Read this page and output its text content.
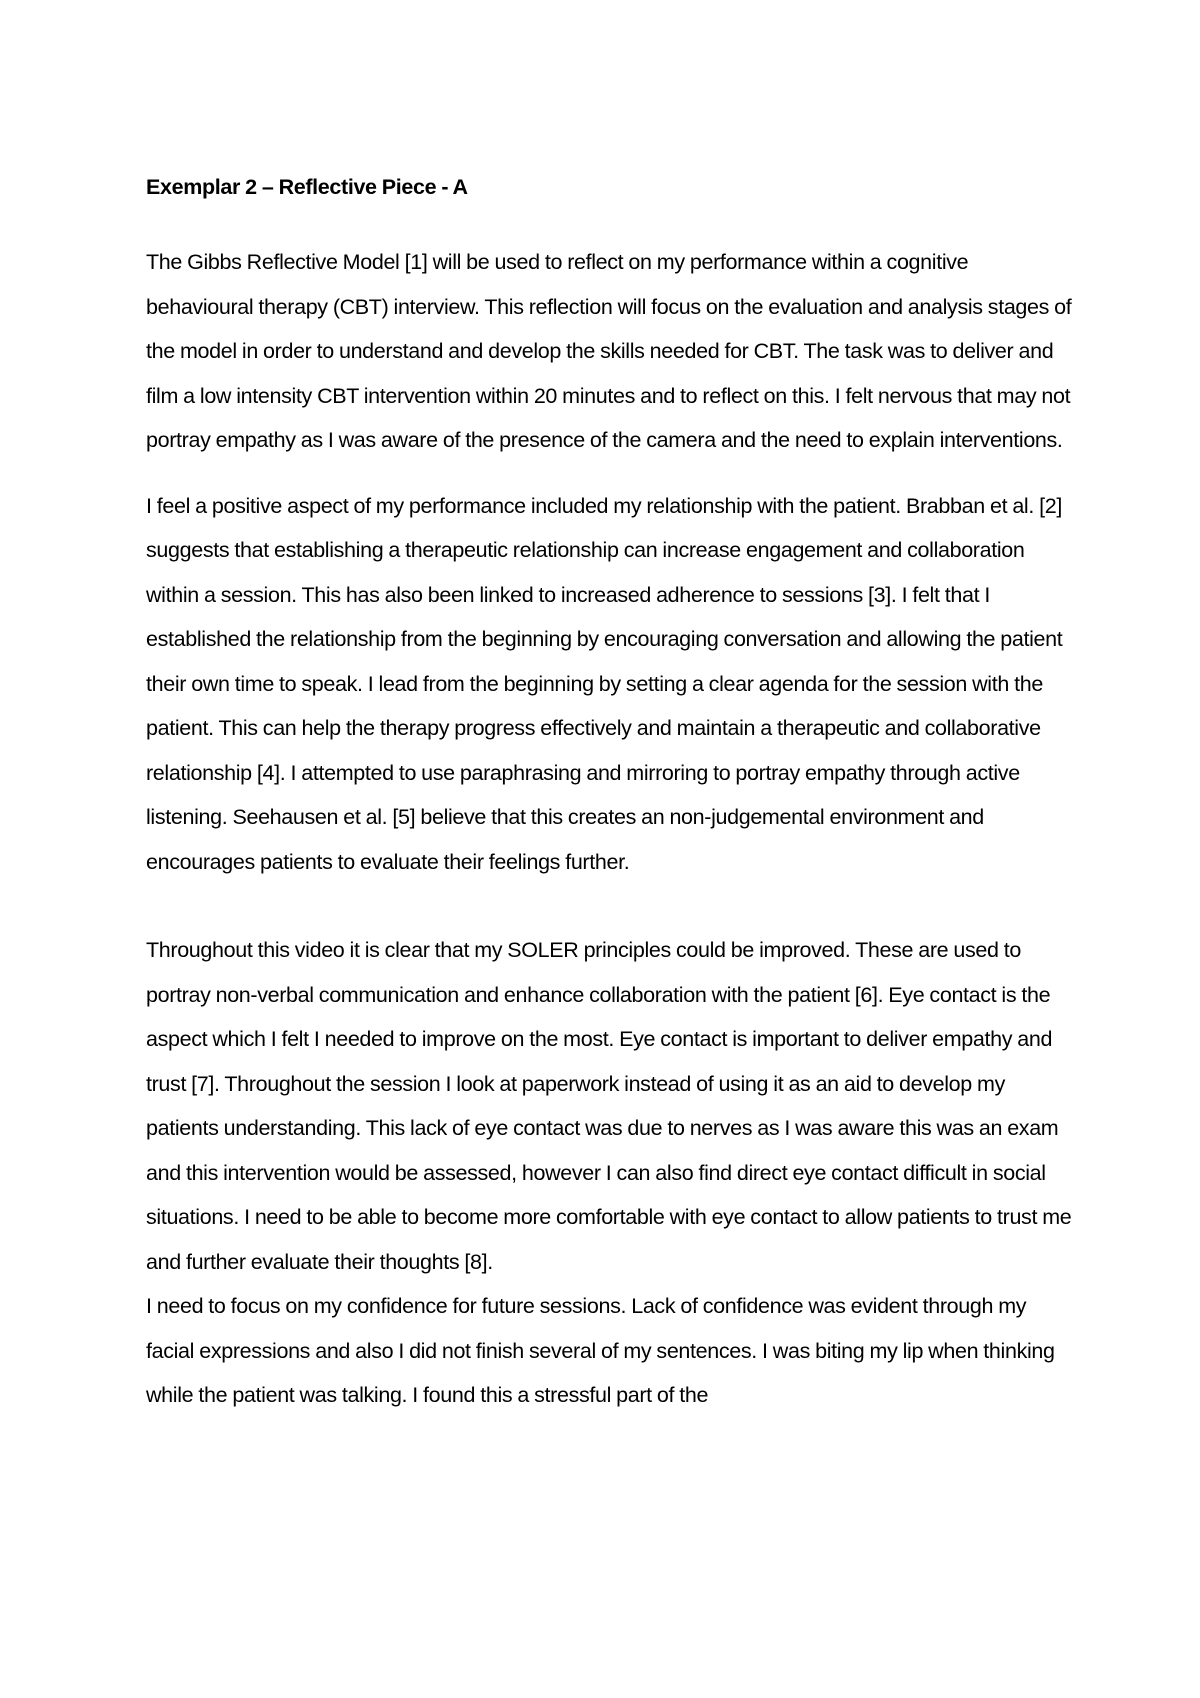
Exemplar 2 – Reflective Piece - A

The Gibbs Reflective Model [1] will be used to reflect on my performance within a cognitive behavioural therapy (CBT) interview. This reflection will focus on the evaluation and analysis stages of the model in order to understand and develop the skills needed for CBT. The task was to deliver and film a low intensity CBT intervention within 20 minutes and to reflect on this. I felt nervous that may not portray empathy as I was aware of the presence of the camera and the need to explain interventions.

I feel a positive aspect of my performance included my relationship with the patient. Brabban et al. [2] suggests that establishing a therapeutic relationship can increase engagement and collaboration within a session. This has also been linked to increased adherence to sessions [3]. I felt that I established the relationship from the beginning by encouraging conversation and allowing the patient their own time to speak. I lead from the beginning by setting a clear agenda for the session with the patient. This can help the therapy progress effectively and maintain a therapeutic and collaborative relationship [4]. I attempted to use paraphrasing and mirroring to portray empathy through active listening. Seehausen et al. [5] believe that this creates an non-judgemental environment and encourages patients to evaluate their feelings further.

Throughout this video it is clear that my SOLER principles could be improved. These are used to portray non-verbal communication and enhance collaboration with the patient [6]. Eye contact is the aspect which I felt I needed to improve on the most. Eye contact is important to deliver empathy and trust [7]. Throughout the session I look at paperwork instead of using it as an aid to develop my patients understanding. This lack of eye contact was due to nerves as I was aware this was an exam and this intervention would be assessed, however I can also find direct eye contact difficult in social situations. I need to be able to become more comfortable with eye contact to allow patients to trust me and further evaluate their thoughts [8].

I need to focus on my confidence for future sessions. Lack of confidence was evident through my facial expressions and also I did not finish several of my sentences. I was biting my lip when thinking while the patient was talking. I found this a stressful part of the
